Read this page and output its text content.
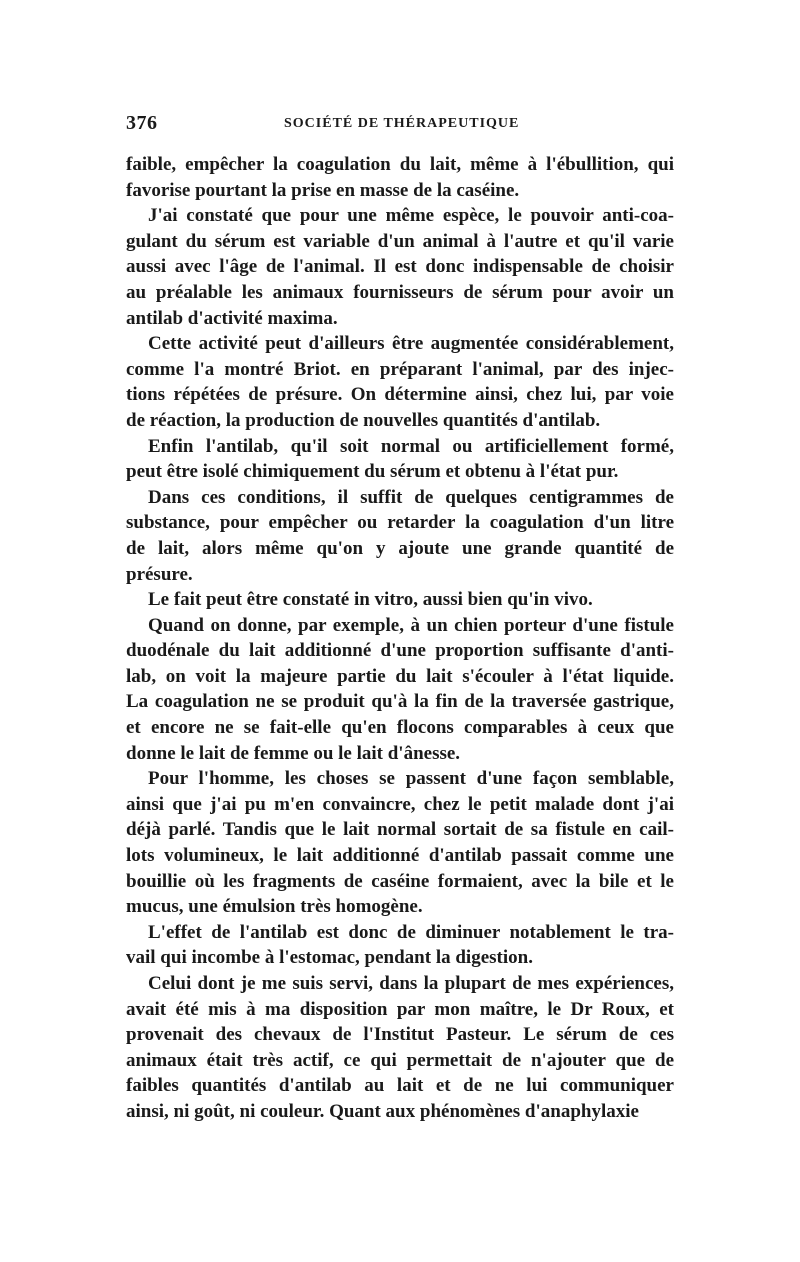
376	SOCIÉTÉ DE THÉRAPEUTIQUE
faible, empêcher la coagulation du lait, même à l'ébullition, qui
favorise pourtant la prise en masse de la caséine.
J'ai constaté que pour une même espèce, le pouvoir anti-coa-
gulant du sérum est variable d'un animal à l'autre et qu'il varie
aussi avec l'âge de l'animal. Il est donc indispensable de choisir
au préalable les animaux fournisseurs de sérum pour avoir un
antilab d'activité maxima.
Cette activité peut d'ailleurs être augmentée considérablement,
comme l'a montré Briot. en préparant l'animal, par des injec-
tions répétées de présure. On détermine ainsi, chez lui, par voie
de réaction, la production de nouvelles quantités d'antilab.
Enfin l'antilab, qu'il soit normal ou artificiellement formé,
peut être isolé chimiquement du sérum et obtenu à l'état pur.
Dans ces conditions, il suffit de quelques centigrammes de
substance, pour empêcher ou retarder la coagulation d'un litre
de lait, alors même qu'on y ajoute une grande quantité de
présure.
Le fait peut être constaté in vitro, aussi bien qu'in vivo.
Quand on donne, par exemple, à un chien porteur d'une fistule
duodénale du lait additionné d'une proportion suffisante d'anti-
lab, on voit la majeure partie du lait s'écouler à l'état liquide.
La coagulation ne se produit qu'à la fin de la traversée gastrique,
et encore ne se fait-elle qu'en flocons comparables à ceux que
donne le lait de femme ou le lait d'ânesse.
Pour l'homme, les choses se passent d'une façon semblable,
ainsi que j'ai pu m'en convaincre, chez le petit malade dont j'ai
déjà parlé. Tandis que le lait normal sortait de sa fistule en cail-
lots volumineux, le lait additionné d'antilab passait comme une
bouillie où les fragments de caséine formaient, avec la bile et le
mucus, une émulsion très homogène.
L'effet de l'antilab est donc de diminuer notablement le tra-
vail qui incombe à l'estomac, pendant la digestion.
Celui dont je me suis servi, dans la plupart de mes expériences,
avait été mis à ma disposition par mon maître, le Dr Roux, et
provenait des chevaux de l'Institut Pasteur. Le sérum de ces
animaux était très actif, ce qui permettait de n'ajouter que de
faibles quantités d'antilab au lait et de ne lui communiquer
ainsi, ni goût, ni couleur. Quant aux phénomènes d'anaphylaxie
